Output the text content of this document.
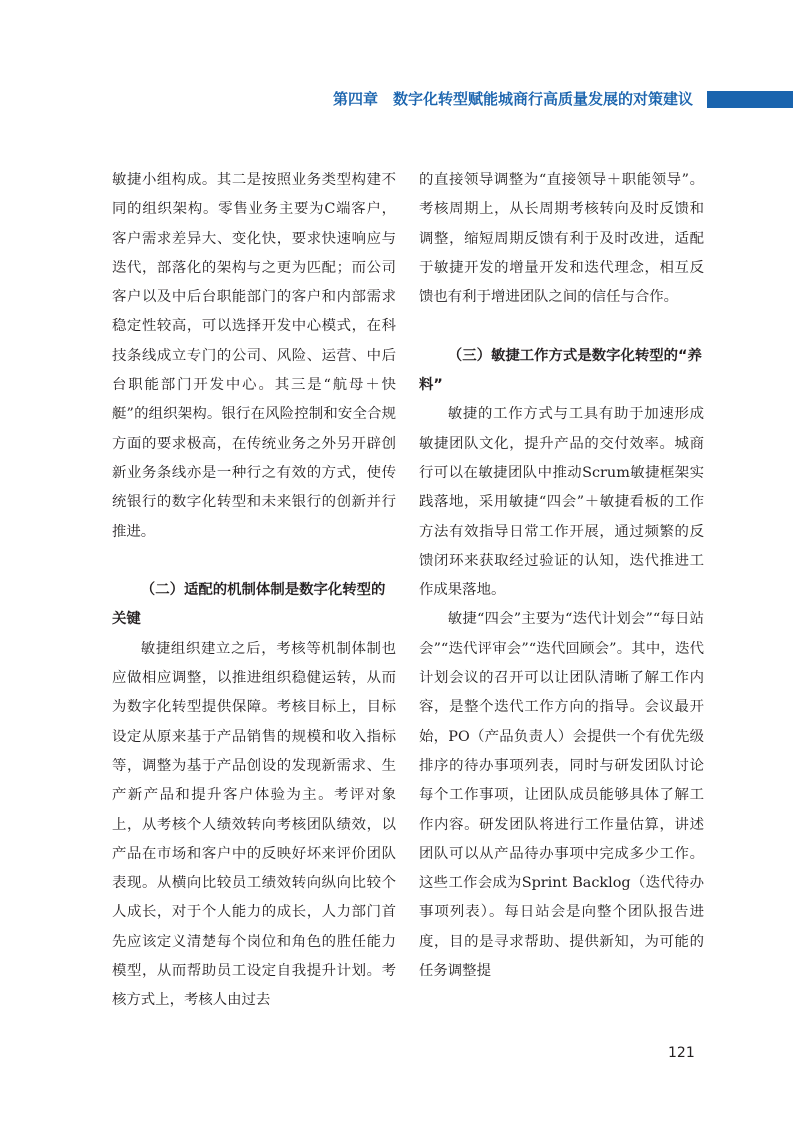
第四章　数字化转型赋能城商行高质量发展的对策建议

敏捷小组构成。其二是按照业务类型构建不同的组织架构。零售业务主要为C端客户，客户需求差异大、变化快，要求快速响应与迭代，部落化的架构与之更为匹配；而公司客户以及中后台职能部门的客户和内部需求稳定性较高，可以选择开发中心模式，在科技条线成立专门的公司、风险、运营、中后台职能部门开发中心。其三是“航母＋快艇”的组织架构。银行在风险控制和安全合规方面的要求极高，在传统业务之外另开辟创新业务条线亦是一种行之有效的方式，使传统银行的数字化转型和未来银行的创新并行推进。

（二）适配的机制体制是数字化转型的关键

敏捷组织建立之后，考核等机制体制也应做相应调整，以推进组织稳健运转，从而为数字化转型提供保障。考核目标上，目标设定从原来基于产品销售的规模和收入指标等，调整为基于产品创设的发现新需求、生产新产品和提升客户体验为主。考评对象上，从考核个人绩效转向考核团队绩效，以产品在市场和客户中的反映好坏来评价团队表现。从横向比较员工绩效转向纵向比较个人成长，对于个人能力的成长，人力部门首先应该定义清楚每个岗位和角色的胜任能力模型，从而帮助员工设定自我提升计划。考核方式上，考核人由过去

的直接领导调整为“直接领导＋职能领导”。考核周期上，从长周期考核转向及时反馈和调整，缩短周期反馈有利于及时改进，适配于敏捷开发的增量开发和迭代理念，相互反馈也有利于增进团队之间的信任与合作。

（三）敏捷工作方式是数字化转型的“养料”

敏捷的工作方式与工具有助于加速形成敏捷团队文化，提升产品的交付效率。城商行可以在敏捷团队中推动Scrum敏捷框架实践落地，采用敏捷“四会”＋敏捷看板的工作方法有效指导日常工作开展，通过频繁的反馈闭环来获取经过验证的认知，迭代推进工作成果落地。

敏捷“四会”主要为“迭代计划会”“每日站会”“迭代评审会”“迭代回顾会”。其中，迭代计划会议的召开可以让团队清晰了解工作内容，是整个迭代工作方向的指导。会议最开始，PO（产品负责人）会提供一个有优先级排序的待办事项列表，同时与研发团队讨论每个工作事项，让团队成员能够具体了解工作内容。研发团队将进行工作量估算，讲述团队可以从产品待办事项中完成多少工作。这些工作会成为Sprint Backlog（迭代待办事项列表）。每日站会是向整个团队报告进度，目的是寻求帮助、提供新知，为可能的任务调整提

121
